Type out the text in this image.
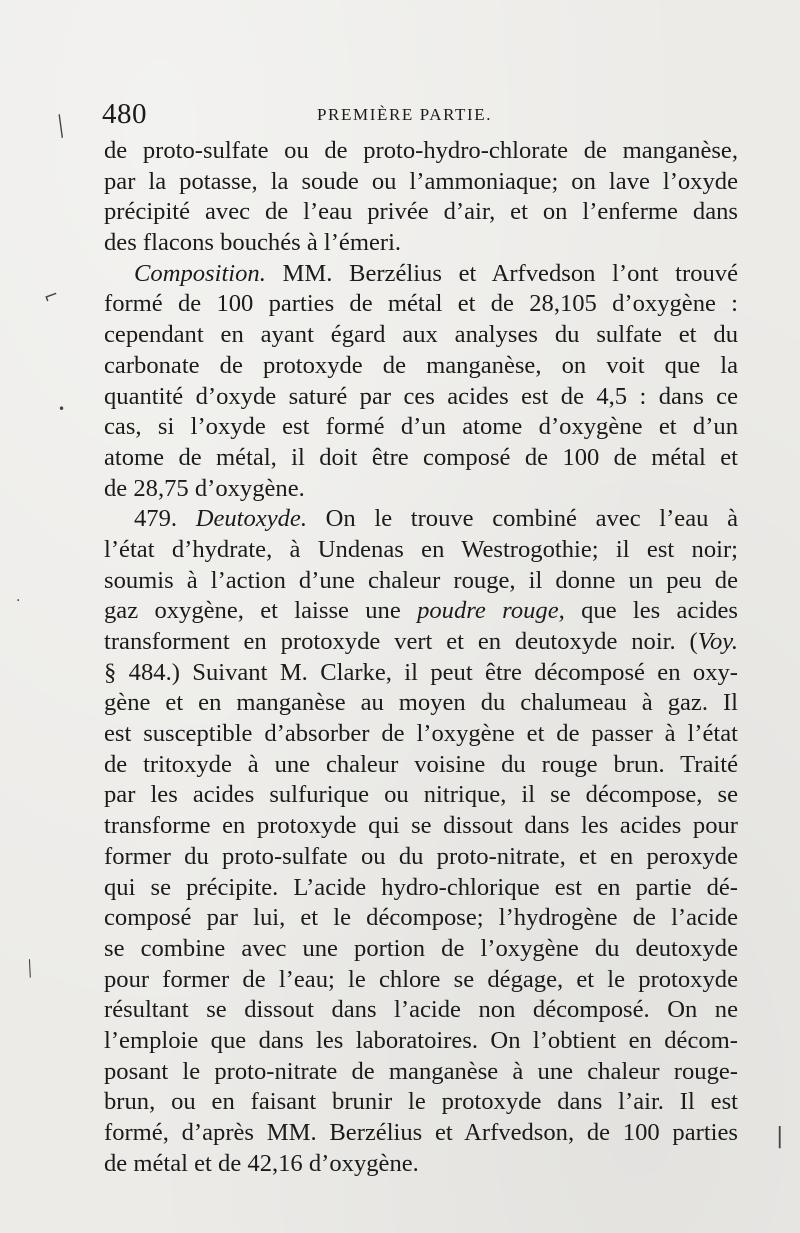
480	PREMIÈRE PARTIE.
de proto-sulfate ou de proto-hydro-chlorate de manganèse,
par la potasse, la soude ou l’ammoniaque; on lave l’oxyde
précipité avec de l’eau privée d’air, et on l’enferme dans
des flacons bouchés à l’émeri.
Composition. MM. Berzélius et Arfvedson l’ont trouvé
formé de 100 parties de métal et de 28,105 d’oxygène :
cependant en ayant égard aux analyses du sulfate et du
carbonate de protoxyde de manganèse, on voit que la
quantité d’oxyde saturé par ces acides est de 4,5 : dans ce
cas, si l’oxyde est formé d’un atome d’oxygène et d’un
atome de métal, il doit être composé de 100 de métal et
de 28,75 d’oxygène.
479. Deutoxyde. On le trouve combiné avec l’eau à
l’état d’hydrate, à Undenas en Westrogothie; il est noir;
soumis à l’action d’une chaleur rouge, il donne un peu de
gaz oxygène, et laisse une poudre rouge, que les acides
transforment en protoxyde vert et en deutoxyde noir. (Voy.
§ 484.) Suivant M. Clarke, il peut être décomposé en oxy-
gène et en manganèse au moyen du chalumeau à gaz. Il
est susceptible d’absorber de l’oxygène et de passer à l’état
de tritoxyde à une chaleur voisine du rouge brun. Traité
par les acides sulfurique ou nitrique, il se décompose, se
transforme en protoxyde qui se dissout dans les acides pour
former du proto-sulfate ou du proto-nitrate, et en peroxyde
qui se précipite. L’acide hydro-chlorique est en partie dé-
composé par lui, et le décompose; l’hydrogène de l’acide
se combine avec une portion de l’oxygène du deutoxyde
pour former de l’eau; le chlore se dégage, et le protoxyde
résultant se dissout dans l’acide non décomposé. On ne
l’emploie que dans les laboratoires. On l’obtient en décom-
posant le proto-nitrate de manganèse à une chaleur rouge-
brun, ou en faisant brunir le protoxyde dans l’air. Il est
formé, d’après MM. Berzélius et Arfvedson, de 100 parties
de métal et de 42,16 d’oxygène.
╱
⌐
•
·
╱
|
